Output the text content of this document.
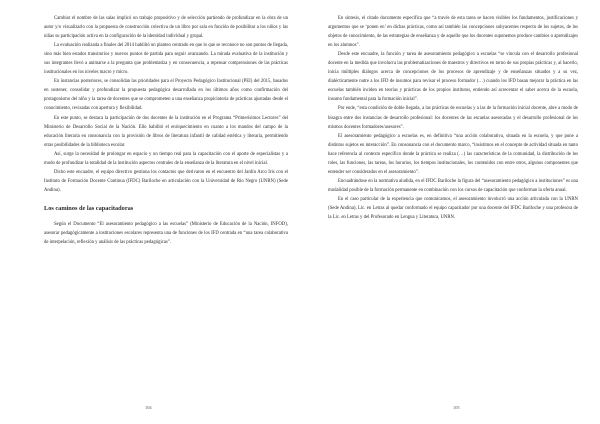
Cambiar el nombre de las salas implicó un trabajo propositivo y de selección partiendo de profundizar en la obra de un autor y/o visualizarlo con la propuesta de construcción colectiva de un libro por sala en función de posibilitar a los niños y las niñas su participación activa en la configuración de la identidad individual y grupal.

La evaluación realizada a finales del 2014 habilitó un planteo centrado en que lo que se reconoce no son puntos de llegada, sino más bien estados transitorios y nuevos puntos de partida para seguir avanzando. La mirada evaluativa de la institución y sus integrantes llevó a animarse a la pregunta que problematiza y en consecuencia, a repensar comprensiones de las prácticas institucionales en los niveles macro y micro.

En instancias posteriores, se consolidan las prioridades para el Proyecto Pedagógico Institucional (PEI) del 2015, basados en sostener, consolidar y profundizar la propuesta pedagógica desarrollada en los últimos años como confirmación del protagonismo del niño y la tarea de docentes que se comprometen a una enseñanza propiciatoria de prácticas ajustadas desde el conocimiento, revisadas con apertura y flexibilidad.

En este punto, se destaca la participación de dos docentes de la institución en el Programa “Primerísimos Lectores” del Ministerio de Desarrollo Social de la Nación. Ello habilitó el enriquecimiento en cuanto a los mandos del campo de la educación literaria en consonancia con la provisión de libros de literatura infantil de calidad estética y literaria, permitiendo otras posibilidades de la biblioteca escolar.

Así, surge la necesidad de prolongar en espacio y un tiempo real para la capacitación con el aporte de especialistas y a modo de profundizar la totalidad de la institución aspectos centrales de la enseñanza de la literatura en el nivel inicial.

Dicho este encuadre, el equipo directivo gestiona los contactos que derivaron en el encuentro del Jardín Arco Iris con el Instituto de Formación Docente Continua (IFDC) Bariloche en articulación con la Universidad de Río Negro (UNRN) (Sede Andina).

Los caminos de las capacitadoras

Según el Documento “El asesoramiento pedagógico a las escuelas” (Ministerio de Educación de la Nación, INFOD), asesorar pedagógicamente a instituciones escolares representa una de funciones de los IFD centrada en “una tarea colaborativa de interpelación, reflexión y análisis de las prácticas pedagógicas”.

104

En síntesis, el citado documento especifica que “a través de esta tarea se hacen visibles los fundamentos, justificaciones y argumentos que se ‘ponen en’ en dichas prácticas, como así también las concepciones subyacentes respecto de los sujetos, de los objetos de conocimiento, de las estrategias de enseñanza y de aquello que los docentes suponemos produce cambios o aprendizajes en los alumnos”.

Desde este encuadre, la función y tarea de asesoramiento pedagógico a escuelas “se vincula con el desarrollo profesional docente en la medida que involucra las problematizaciones de maestros y directivos en torno de sus propias prácticas y, al hacerlo, inicia múltiples diálogos acerca de concepciones de los procesos de aprendizaje y de enseñanzas situados y a su vez, dialécticamente nutre a los IFD de insumos para revisar el proceso formador (…) cuando los IFD basan mejorar la práctica en las escuelas también inciden en teorías y prácticas de los propios institutos, entiendo así acrecentar el saber acerca de la escuela, insumo fundamental para la formación inicial”.

Por ende, “esta condición de doble llegada, a las prácticas de escuelas y a las de la formación inicial docente, abre a modo de bisagra entre dos instancias de desarrollo profesional: los docentes de las escuelas asesoradas y el desarrollo profesional de los mismos docentes formadores/asesores”.

El asesoramiento pedagógico a escuelas es, en definitiva “una acción colaborativa, situada en la escuela, y que pone a distintos sujetos en interacción”. En consonancia con el documento marco, “insistimos en el concepto de actividad situada en tanto hace referencia al contexto específico donde la práctica se realiza (…) las características de la comunidad, la distribución de los roles, las funciones, las tareas, los horarios, los tiempos institucionales, los contenidos con entre otros, algunos componentes que entender ser considerados en el asesoramiento”.

Encuadrándose en la normativa aludida, en el IFDC Bariloche la figura del “asesoramiento pedagógico a instituciones” es una modalidad posible de la formación permanente en combinación con los cursos de capacitación que conforman la oferta anual.

En el caso particular de la experiencia que comunicamos, el asesoramiento involucró una acción articulada con la UNRN (Sede Andina), Lic. en Letras al quedar conformado el equipo capacitador por una docente del IFDC Bariloche y una profesora de la Lic. en Letras y del Profesorado en Lengua y Literatura, UNRN.

105
